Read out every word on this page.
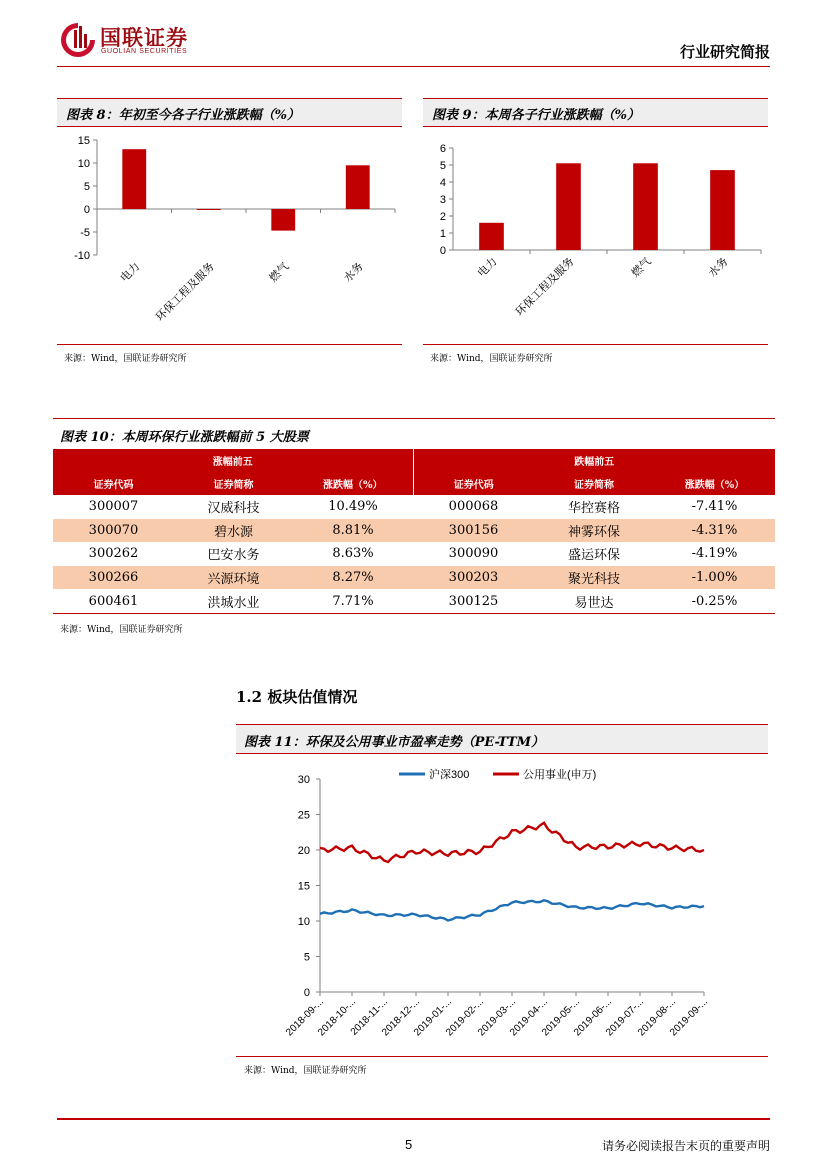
国联证券
GUOLIAN SECURITIES	行业研究简报
图表 8：年初至今各子行业涨跌幅（%）
-10
-5
0
5
10
15
电力 环保工程及服务	燃气	水务
来源：Wind，国联证券研究所
图表 9：本周各子行业涨跌幅（%）
0
1
2
3
4
5
6
电力 环保工程及服务	燃气	水务
来源：Wind，国联证券研究所
图表 10：本周环保行业涨跌幅前 5 大股票
涨幅前五			跌幅前五		
证券代码	证券简称	涨跌幅（%）	证券代码	证券简称	涨跌幅（%）
300007	汉威科技	10.49%	000068	华控赛格	-7.41%
300070	碧水源	8.81%	300156	神雾环保	-4.31%
300262	巴安水务	8.63%	300090	盛运环保	-4.19%
300266	兴源环境	8.27%	300203	聚光科技	-1.00%
600461	洪城水业	7.71%	300125	易世达	-0.25%
来源：Wind，国联证券研究所
1.2 板块估值情况
图表 11：环保及公用事业市盈率走势（PE-TTM）
0
5
10
15
20
25
30
2018-09-...
2018-10-...
2018-11-...
2018-12-...
2019-01-...
2019-02-...
2019-03-...
2019-04-...
2019-05-...
2019-06-...
2019-07-...
2019-08-...
2019-09-...
沪深300	公用事业(申万)
来源：Wind，国联证券研究所
5	请务必阅读报告末页的重要声明
